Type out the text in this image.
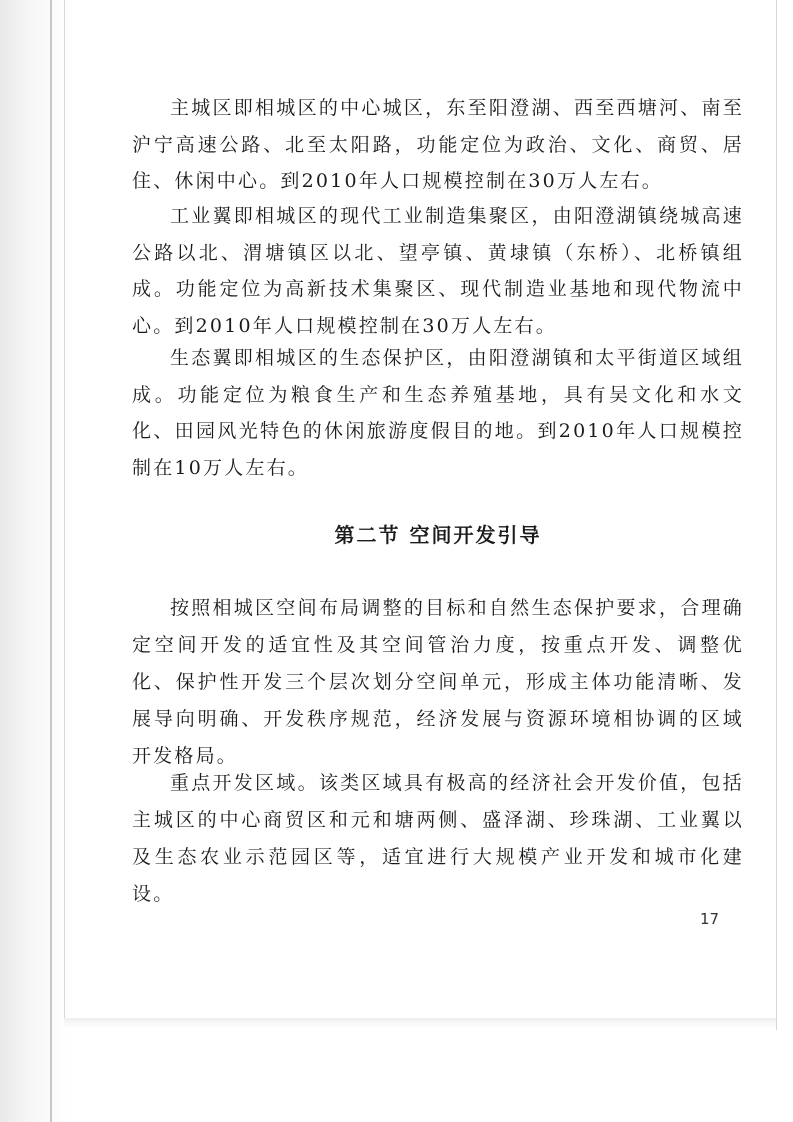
主城区即相城区的中心城区，东至阳澄湖、西至西塘河、南至沪宁高速公路、北至太阳路，功能定位为政治、文化、商贸、居住、休闲中心。到2010年人口规模控制在30万人左右。

工业翼即相城区的现代工业制造集聚区，由阳澄湖镇绕城高速公路以北、渭塘镇区以北、望亭镇、黄埭镇（东桥）、北桥镇组成。功能定位为高新技术集聚区、现代制造业基地和现代物流中心。到2010年人口规模控制在30万人左右。

生态翼即相城区的生态保护区，由阳澄湖镇和太平街道区域组成。功能定位为粮食生产和生态养殖基地，具有吴文化和水文化、田园风光特色的休闲旅游度假目的地。到2010年人口规模控制在10万人左右。

第二节 空间开发引导

按照相城区空间布局调整的目标和自然生态保护要求，合理确定空间开发的适宜性及其空间管治力度，按重点开发、调整优化、保护性开发三个层次划分空间单元，形成主体功能清晰、发展导向明确、开发秩序规范，经济发展与资源环境相协调的区域开发格局。

重点开发区域。该类区域具有极高的经济社会开发价值，包括主城区的中心商贸区和元和塘两侧、盛泽湖、珍珠湖、工业翼以及生态农业示范园区等，适宜进行大规模产业开发和城市化建设。

17
